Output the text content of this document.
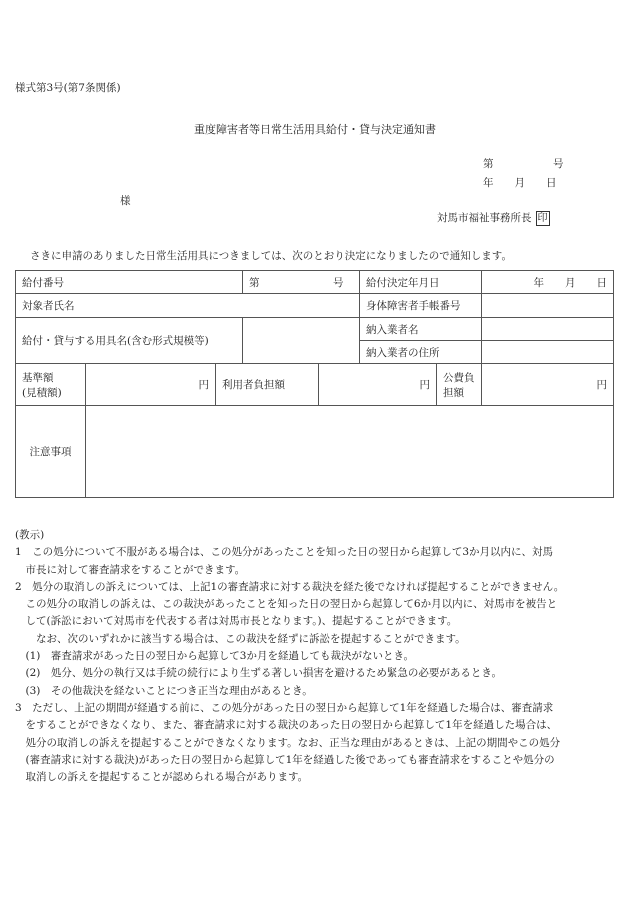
様式第3号(第7条関係)
重度障害者等日常生活用具給付・貸与決定通知書
第	号
年　　月　　日
様
対馬市福祉事務所長 印
さきに申請のありました日常生活用具につきましては、次のとおり決定になりましたので通知します。
給付番号			第　　　　　　　号		給付決定年月日		年　　月　　日
対象者氏名					身体障害者手帳番号		
給付・貸与する用具名(含む形式規模等)					納入業者名		
					納入業者の住所		

基準額
(見積額)	円	利用者負担額		円		公費負担額	円
注意事項							

(教示)

1　この処分について不服がある場合は、この処分があったことを知った日の翌日から起算して3か月以内に、対馬

　市長に対して審査請求をすることができます。

2　処分の取消しの訴えについては、上記1の審査請求に対する裁決を経た後でなければ提起することができません。

　この処分の取消しの訴えは、この裁決があったことを知った日の翌日から起算して6か月以内に、対馬市を被告と

　して(訴訟において対馬市を代表する者は対馬市長となります。)、提起することができます。

　　なお、次のいずれかに該当する場合は、この裁決を経ずに訴訟を提起することができます。

　(1)　審査請求があった日の翌日から起算して3か月を経過しても裁決がないとき。

　(2)　処分、処分の執行又は手続の続行により生ずる著しい損害を避けるため緊急の必要があるとき。

　(3)　その他裁決を経ないことにつき正当な理由があるとき。

3　ただし、上記の期間が経過する前に、この処分があった日の翌日から起算して1年を経過した場合は、審査請求

　をすることができなくなり、また、審査請求に対する裁決のあった日の翌日から起算して1年を経過した場合は、

　処分の取消しの訴えを提起することができなくなります。なお、正当な理由があるときは、上記の期間やこの処分

　(審査請求に対する裁決)があった日の翌日から起算して1年を経過した後であっても審査請求をすることや処分の

　取消しの訴えを提起することが認められる場合があります。
